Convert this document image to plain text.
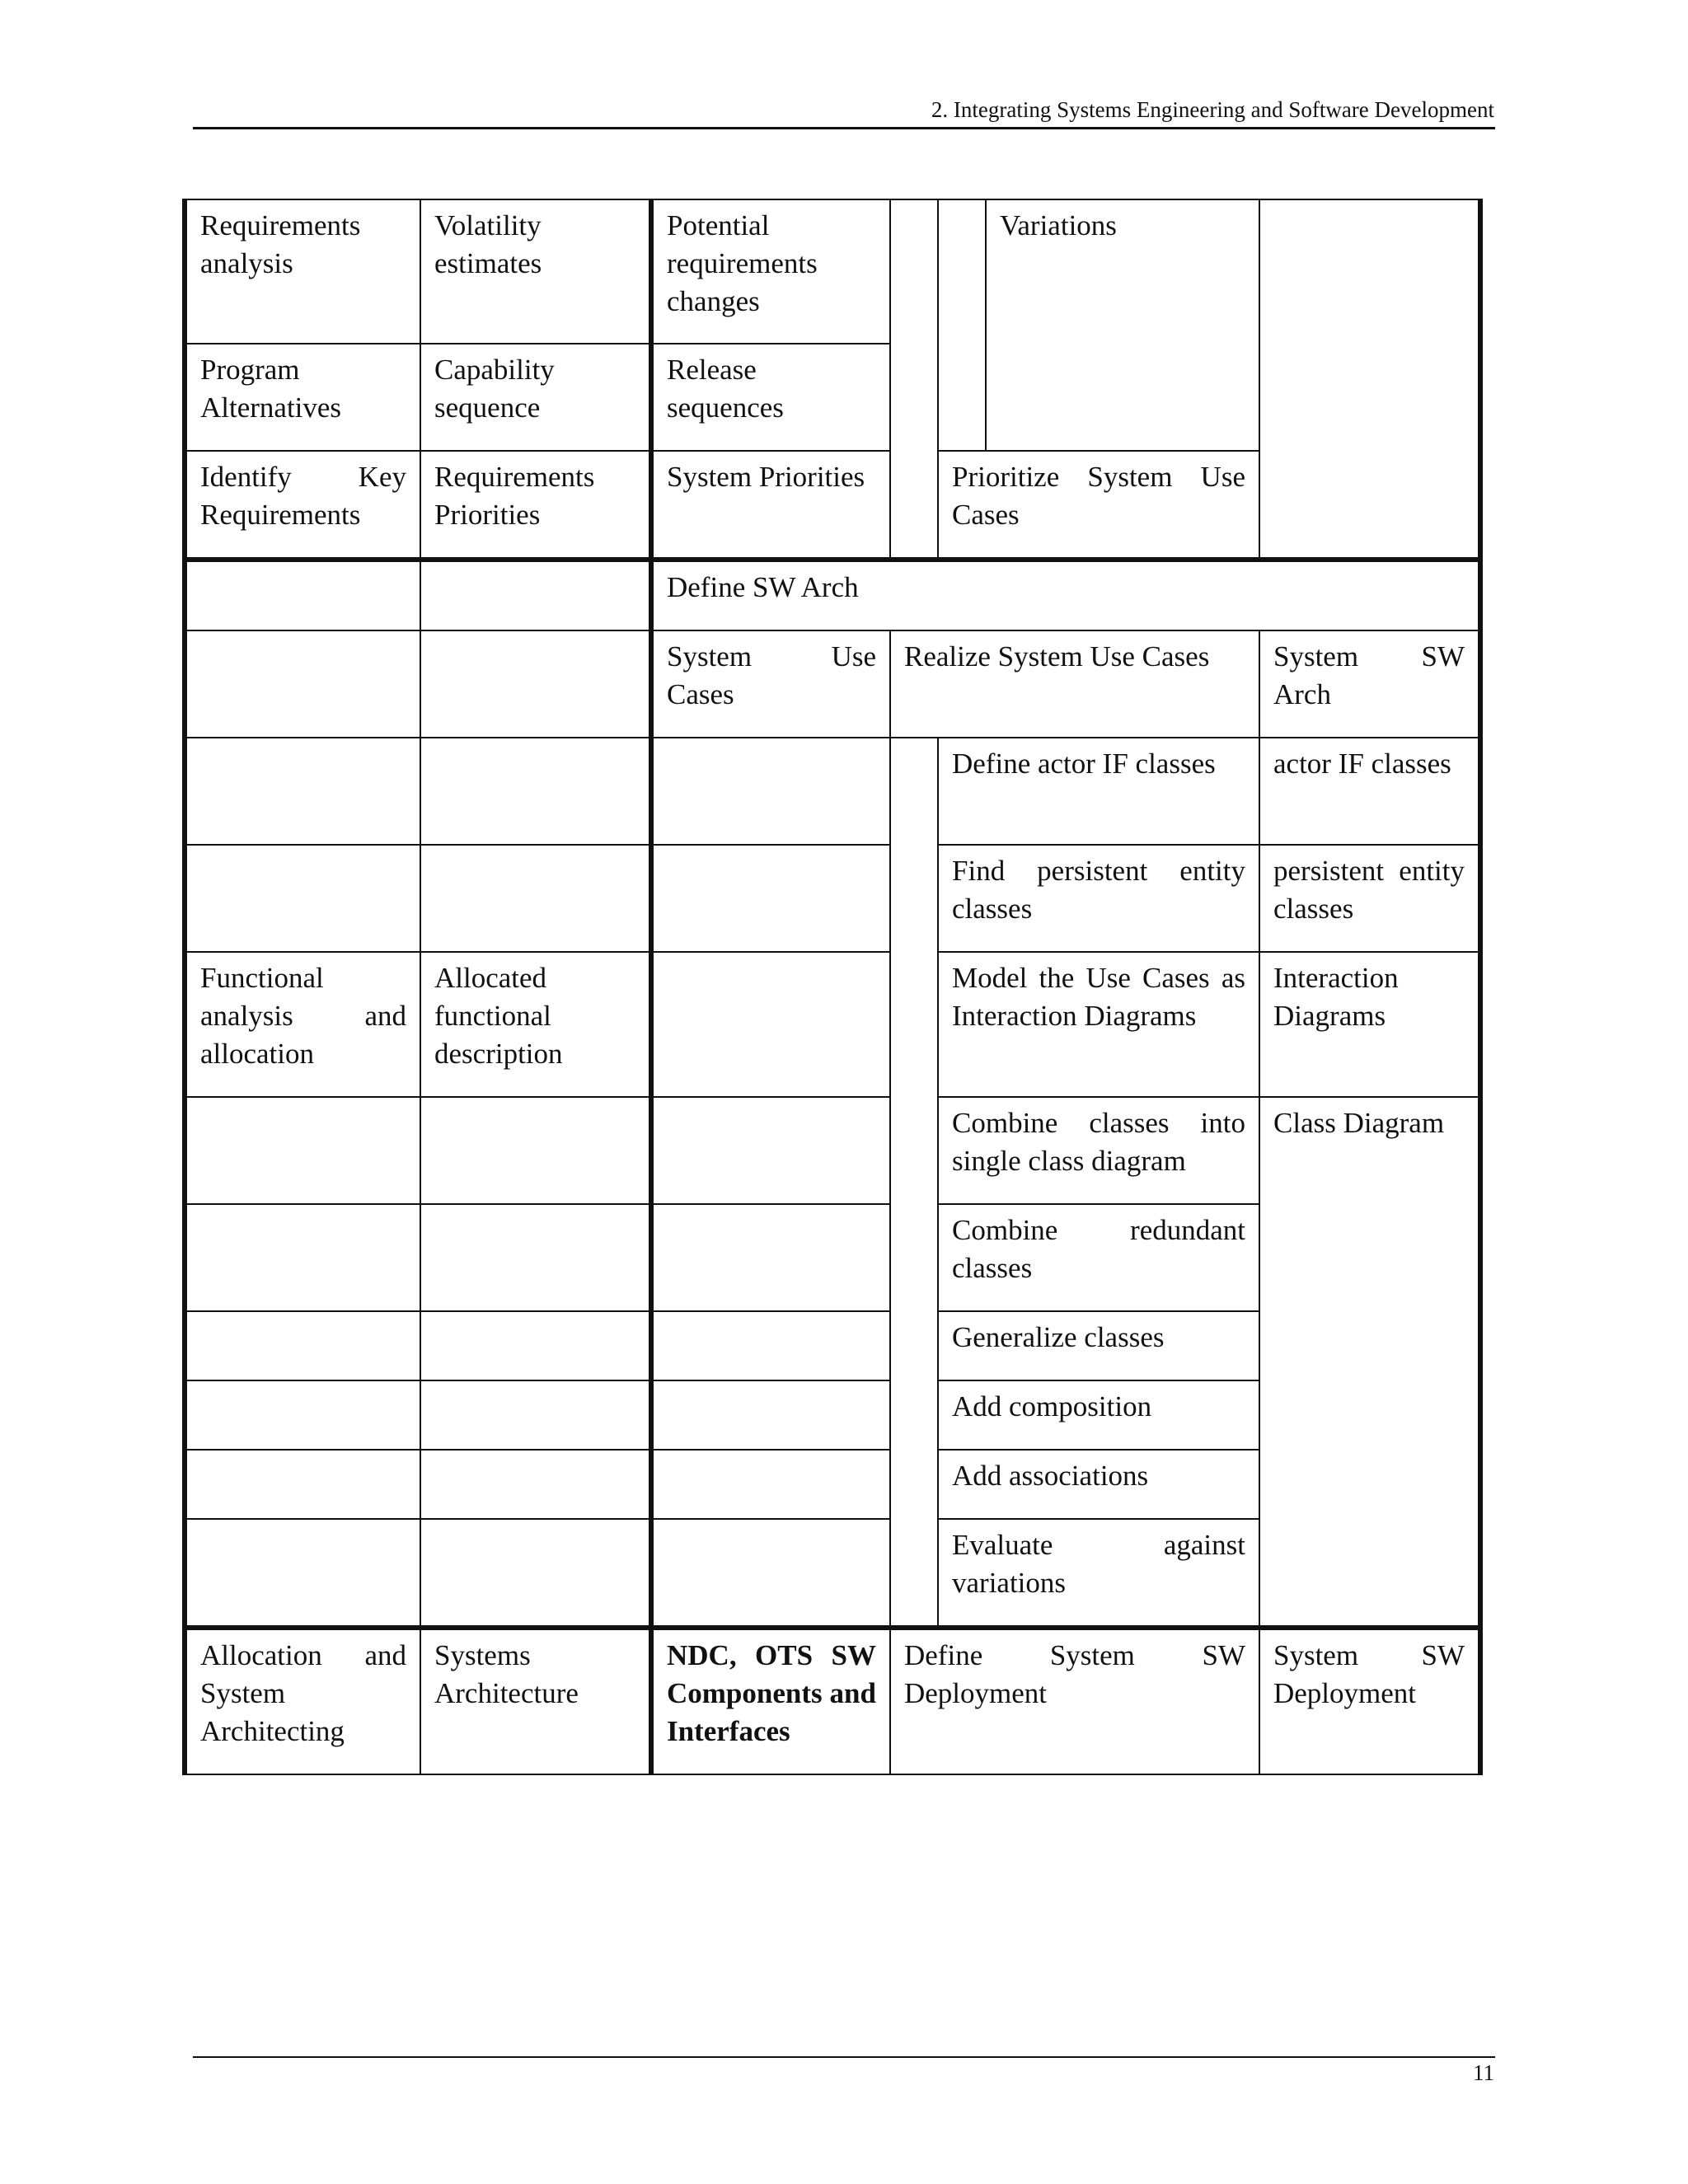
2. Integrating Systems Engineering and Software Development
Requirements analysis	Volatility estimates	Potential requirements changes			Variations	
Program Alternatives	Capability sequence	Release sequences				
Identify Key Requirements	Requirements Priorities	System Priorities		Prioritize System Use Cases		
		Define SW Arch				
		System Use Cases	Realize System Use Cases			System SW Arch
				Define actor IF classes		actor IF classes
				Find persistent entity classes		persistent entity classes
Functional analysis and allocation	Allocated functional description			Model the Use Cases as Interaction Diagrams		Interaction Diagrams
				Combine classes into single class diagram		Class Diagram
				Combine redundant classes		
				Generalize classes		
				Add composition		
				Add associations		
				Evaluate against variations		
Allocation and System Architecting	Systems Architecture	NDC, OTS SW Components and Interfaces	Define System SW Deployment			System SW Deployment
11
